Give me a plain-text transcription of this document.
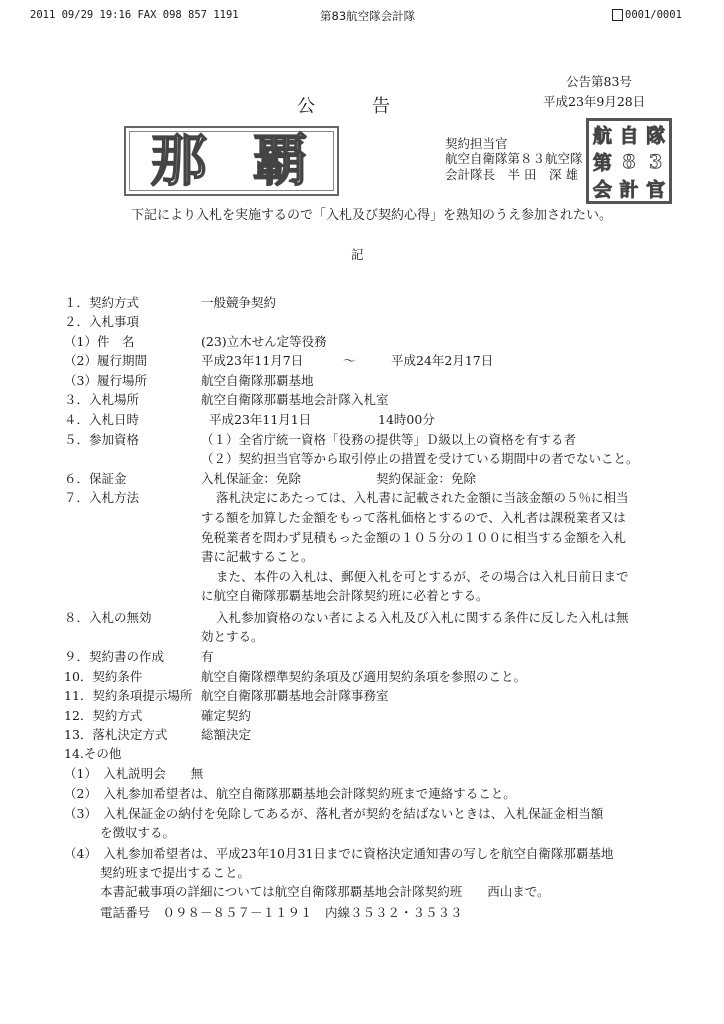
2011 09/29 19:16 FAX 098 857 1191	第83航空隊会計隊	0001/0001
公告第83号
平成23年9月28日
公	告
那 覇	契約担当官
航空自衛隊第８３航空隊
会計隊長　半 田　深 雄
航 自 隊
第 8 3
会 計 官
下記により入札を実施するので「入札及び契約心得」を熟知のうえ参加されたい。
記
１．契約方式	一般競争契約
２．入札事項
（1）件　名	(23)立木せん定等役務
（2）履行期間	平成23年11月7日	～	平成24年2月17日
（3）履行場所	航空自衛隊那覇基地
３．入札場所	航空自衛隊那覇基地会計隊入札室
４．入札日時	平成23年11月1日	14時00分
５．参加資格	（１）全省庁統一資格「役務の提供等」Ｄ級以上の資格を有する者
（２）契約担当官等から取引停止の措置を受けている期間中の者でないこと。
６．保証金	入札保証金：免除	契約保証金：免除
７．入札方法	落札決定にあたっては、入札書に記載された金額に当該金額の５％に相当
する額を加算した金額をもって落札価格とするので、入札者は課税業者又は
免税業者を問わず見積もった金額の１０５分の１００に相当する金額を入札
書に記載すること。
また、本件の入札は、郵便入札を可とするが、その場合は入札日前日まで
に航空自衛隊那覇基地会計隊契約班に必着とする。
８．入札の無効	入札参加資格のない者による入札及び入札に関する条件に反した入札は無
効とする。
９．契約書の作成	有
10．契約条件	航空自衛隊標準契約条項及び適用契約条項を参照のこと。
11．契約条項提示場所 航空自衛隊那覇基地会計隊事務室
12．契約方式	確定契約
13．落札決定方式	総額決定
14.その他
（1）　入札説明会　　無
（2）　入札参加希望者は、航空自衛隊那覇基地会計隊契約班まで連絡すること。
（3）　入札保証金の納付を免除してあるが、落札者が契約を結ばないときは、入札保証金相当額
を徴収する。
（4）　入札参加希望者は、平成23年10月31日までに資格決定通知書の写しを航空自衛隊那覇基地
契約班まで提出すること。
本書記載事項の詳細については航空自衛隊那覇基地会計隊契約班　　西山まで。
電話番号　０９８－８５７－１１９１　内線３５３２・３５３３
